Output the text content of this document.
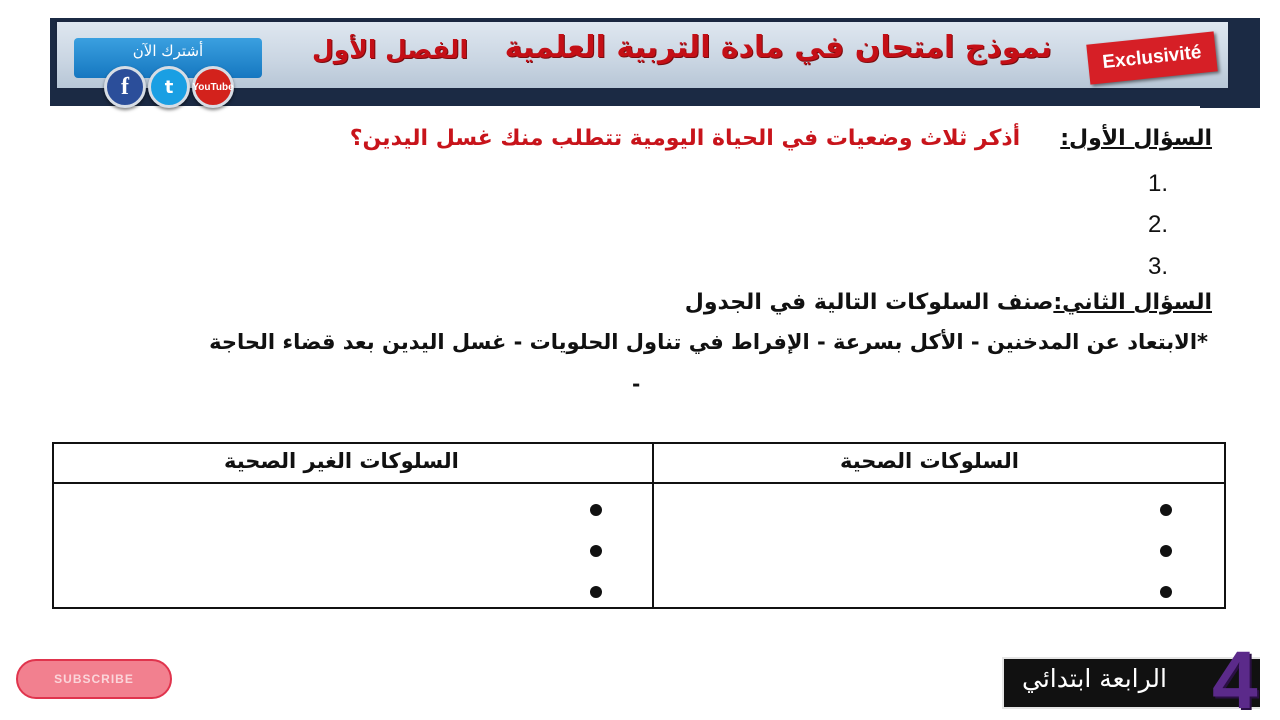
نموذج امتحان في مادة التربية العلمية
الفصل الأول	Exclusivité
أشترك الآن
f	t	YouTube
السؤال الأول:أذكر ثلاث وضعيات في الحياة اليومية تتطلب منك غسل اليدين؟
1.
2.
3.
السؤال الثاني:صنف السلوكات التالية في الجدول
*الابتعاد عن المدخنين - الأكل بسرعة - الإفراط في تناول الحلويات - غسل اليدين بعد قضاء الحاجة
-
السلوكات الغير الصحية	السلوكات الصحية
SUBSCRIBE	الرابعة ابتدائي 4
